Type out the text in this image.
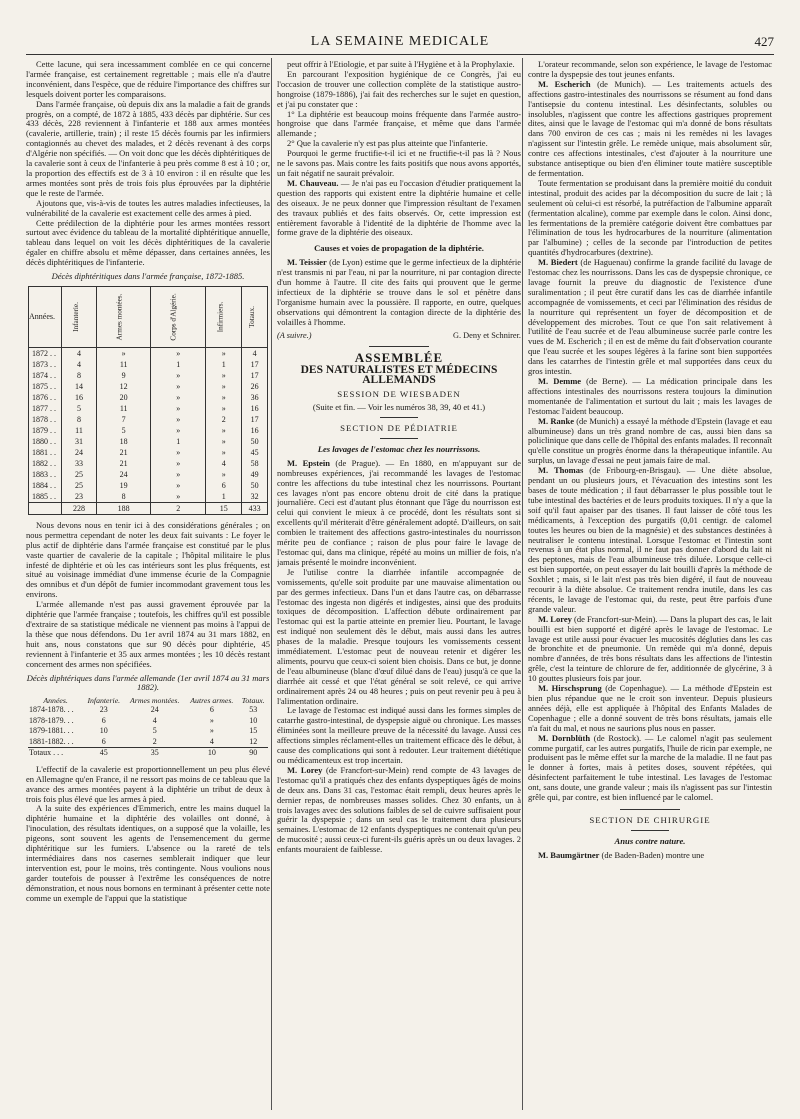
LA SEMAINE MEDICALE	427

Cette lacune, qui sera incessamment comblée en ce qui concerne l'armée française, est certainement regrettable ; mais elle n'a d'autre inconvénient, dans l'espèce, que de réduire l'importance des chiffres sur lesquels doivent porter les comparaisons.

Dans l'armée française, où depuis dix ans la maladie a fait de grands progrès, on a compté, de 1872 à 1885, 433 décès par diphtérie. Sur ces 433 décès, 228 reviennent à l'infanterie et 188 aux armes montées (cavalerie, artillerie, train) ; il reste 15 décès fournis par les infirmiers contagionnés au chevet des malades, et 2 décès revenant à des corps d'Algérie non spécifiés. — On voit donc que les décès diphtéritiques de la cavalerie sont à ceux de l'infanterie à peu près comme 8 est à 10 ; or, la proportion des effectifs est de 3 à 10 environ : il en résulte que les armes montées sont près de trois fois plus éprouvées par la diphtérie que le reste de l'armée.

Ajoutons que, vis-à-vis de toutes les autres maladies infectieuses, la vulnérabilité de la cavalerie est exactement celle des armes à pied.

Cette prédilection de la diphtérie pour les armes montées ressort surtout avec évidence du tableau de la mortalité diphtéritique annuelle, tableau dans lequel on voit les décès diphtéritiques de la cavalerie égaler en chiffre absolu et même dépasser, dans certaines années, les décès diphtéritiques de l'infanterie.

Décès diphtéritiques dans l'armée française, 1872-1885.
Années.	Infanterie.	Armes montées.	Corps d'Algérie.	Infirmiers.	Totaux.
1872 . .	4	»	»	»	4
1873 . .	4	11	1	1	17
1874 . .	8	9	»	»	17
1875 . .	14	12	»	»	26
1876 . .	16	20	»	»	36
1877 . .	5	11	»	»	16
1878 . .	8	7	»	2	17
1879 . .	11	5	»	»	16
1880 . .	31	18	1	»	50
1881 . .	24	21	»	»	45
1882 . .	33	21	»	4	58
1883 . .	25	24	»	»	49
1884 . .	25	19	»	6	50
1885 . .	23	8	»	1	32
	228	188	2	15	433

Nous devons nous en tenir ici à des considérations générales ; on nous permettra cependant de noter les deux fait suivants : Le foyer le plus actif de diphtérie dans l'armée française est constitué par le plus vaste quartier de cavalerie de la capitale ; l'hôpital militaire le plus infesté de diphtérie et où les cas intérieurs sont les plus fréquents, est situé au voisinage immédiat d'une immense écurie de la Compagnie des omnibus et d'un dépôt de fumier incommodant gravement tous les environs.

L'armée allemande n'est pas aussi gravement éprouvée par la diphtérie que l'armée française ; toutefois, les chiffres qu'il est possible d'extraire de sa statistique médicale ne viennent pas moins à l'appui de la thèse que nous défendons. Du 1er avril 1874 au 31 mars 1882, en huit ans, nous constatons que sur 90 décès pour diphtérie, 45 reviennent à l'infanterie et 35 aux armes montées ; les 10 décès restant concernent des armes non spécifiées.

Décès diphtériques dans l'armée allemande (1er avril 1874 au 31 mars 1882).
Années.	Infanterie.	Armes montées.	Autres armes.	Totaux.
1874-1878. . .	23	24	6	53
1878-1879. . .	6	4	»	10
1879-1881. . .	10	5	»	15
1881-1882. . .	6	2	4	12
Totaux . . .	45	35	10	90

L'effectif de la cavalerie est proportionnellement un peu plus élevé en Allemagne qu'en France, il ne ressort pas moins de ce tableau que la avance des armes montées payent à la diphtérie un tribut de deux à trois fois plus élevé que les armes à pied.

A la suite des expériences d'Emmerich, entre les mains duquel la diphtérie humaine et la diphtérie des volailles ont donné, à l'inoculation, des résultats identiques, on a supposé que la volaille, les pigeons, sont souvent les agents de l'ensemencement du germe diphtéritique sur les fumiers. L'absence ou la rareté de tels intermédiaires dans nos casernes semblerait indiquer que leur intervention est, pour le moins, très contingente. Nous voulions nous garder toutefois de pousser à l'extrême les conséquences de notre démonstration, et nous nous bornons en terminant à présenter cette note comme un exemple de l'appui que la statistique

peut offrir à l'Etiologie, et par suite à l'Hygiène et à la Prophylaxie.

En parcourant l'exposition hygiénique de ce Congrès, j'ai eu l'occasion de trouver une collection complète de la statistique austro-hongroise (1879-1886), j'ai fait des recherches sur le sujet en question, et j'ai pu constater que :

1° La diphtérie est beaucoup moins fréquente dans l'armée austro-hongroise que dans l'armée française, et même que dans l'armée allemande ;

2° Que la cavalerie n'y est pas plus atteinte que l'infanterie.

Pourquoi le germe fructifie-t-il ici et ne fructifie-t-il pas là ? Nous ne le savons pas. Mais contre les faits positifs que nous avons apportés, un fait négatif ne saurait prévaloir.

M. Chauveau. — Je n'ai pas eu l'occasion d'étudier pratiquement la question des rapports qui existent entre la diphtérie humaine et celle des oiseaux. Je ne peux donner que l'impression résultant de l'examen des travaux publiés et des faits observés. Or, cette impression est entièrement favorable à l'identité de la diphtérie de l'homme avec la forme grave de la diphtérie des oiseaux.

Causes et voies de propagation de la diphtérie.

M. Teissier (de Lyon) estime que le germe infectieux de la diphtérie n'est transmis ni par l'eau, ni par la nourriture, ni par contagion directe d'un homme à l'autre. Il cite des faits qui prouvent que le germe infectieux de la diphtérie se trouve dans le sol et pénètre dans l'organisme humain avec la poussière. Il rapporte, en outre, quelques observations qui démontrent la contagion directe de la diphtérie des volailles à l'homme.

(A suivre.)	G. Deny et Schnirer.
ASSEMBLÉE
DES NATURALISTES ET MÉDECINS ALLEMANDS
SESSION DE WIESBADEN
(Suite et fin. — Voir les numéros 38, 39, 40 et 41.)
SECTION DE PÉDIATRIE
Les lavages de l'estomac chez les nourrissons.

M. Epstein (de Prague). — En 1880, en m'appuyant sur de nombreuses expériences, j'ai recommandé les lavages de l'estomac contre les affections du tube intestinal chez les nourrissons. Pourtant ces lavages n'ont pas encore obtenu droit de cité dans la pratique journalière. Ceci est d'autant plus étonnant que l'âge du nourrisson est celui qui convient le mieux à ce procédé, dont les résultats sont si excellents qu'il mériterait d'être généralement adopté. D'ailleurs, on sait combien le traitement des affections gastro-intestinales du nourrisson mérite peu de confiance ; raison de plus pour faire le lavage de l'estomac qui, dans ma clinique, répété au moins un millier de fois, n'a jamais présenté le moindre inconvénient.

Je l'utilise contre la diarrhée infantile accompagnée de vomissements, qu'elle soit produite par une mauvaise alimentation ou par des germes infectieux. Dans l'un et dans l'autre cas, on débarrasse l'estomac des ingesta non digérés et indigestes, ainsi que des produits toxiques de décomposition. L'affection débute ordinairement par l'estomac qui est la partie atteinte en premier lieu. Pourtant, le lavage est indiqué non seulement dès le début, mais aussi dans les autres phases de la maladie. Presque toujours les vomissements cessent immédiatement. L'estomac peut de nouveau retenir et digérer les aliments, pourvu que ceux-ci soient bien choisis. Dans ce but, je donne de l'eau albumineuse (blanc d'œuf dilué dans de l'eau) jusqu'à ce que la diarrhée ait cessé et que l'état général se soit relevé, ce qui arrive ordinairement après 24 ou 48 heures ; puis on peut revenir peu à peu à l'alimentation ordinaire.

Le lavage de l'estomac est indiqué aussi dans les formes simples de catarrhe gastro-intestinal, de dyspepsie aiguë ou chronique. Les masses éliminées sont la meilleure preuve de la nécessité du lavage. Aussi ces affections simples réclament-elles un traitement efficace dès le début, à cause des complications qui sont à redouter. Leur traitement diététique ou médicamenteux est trop incertain.

M. Lorey (de Francfort-sur-Mein) rend compte de 43 lavages de l'estomac qu'il a pratiqués chez des enfants dyspeptiques âgés de moins de deux ans. Dans 31 cas, l'estomac était rempli, deux heures après le dernier repas, de nombreuses masses solides. Chez 30 enfants, un à trois lavages avec des solutions faibles de sel de cuivre suffisaient pour guérir la dyspepsie ; dans un seul cas le traitement dura plusieurs semaines. L'estomac de 12 enfants dyspeptiques ne contenait qu'un peu de mucosité ; aussi ceux-ci furent-ils guéris après un ou deux lavages. 2 enfants mouraient de faiblesse.

L'orateur recommande, selon son expérience, le lavage de l'estomac contre la dyspepsie des tout jeunes enfants.

M. Escherich (de Munich). — Les traitements actuels des affections gastro-intestinales des nourrissons se résument au fond dans l'antisepsie du contenu intestinal. Les désinfectants, solubles ou insolubles, n'agissent que contre les affections gastriques proprement dites, ainsi que le lavage de l'estomac qui m'a donné de bons résultats dans 700 environ de ces cas ; mais ni les remèdes ni les lavages n'agissent sur l'intestin grêle. Le remède unique, mais absolument sûr, contre ces affections intestinales, c'est d'ajouter à la nourriture une substance antiseptique ou bien d'en éliminer toute matière susceptible de fermentation.

Toute fermentation se produisant dans la première moitié du conduit intestinal, produit des acides par la décomposition du sucre de lait ; là seulement où celui-ci est résorbé, la putréfaction de l'albumine apparaît (fermentation alcaline), comme par exemple dans le colon. Ainsi donc, les fermentations de la première catégorie doivent être combattues par l'élimination de tous les hydrocarbures de la nourriture (alimentation par l'albumine) ; celles de la seconde par l'introduction de petites quantités d'hydrocarbures (dextrine).

M. Biedert (de Haguenau) confirme la grande facilité du lavage de l'estomac chez les nourrissons. Dans les cas de dyspepsie chronique, ce lavage fournit la preuve du diagnostic de l'existence d'une suralimentation ; il peut être curatif dans les cas de diarrhée infantile accompagnée de vomissements, et ceci par l'élimination des résidus de la nourriture qui représentent un foyer de décomposition et de développement des microbes. Tout ce que l'on sait relativement à l'utilité de l'eau sucrée et de l'eau albumineuse sucrée parle contre les vues de M. Escherich ; il en est de même du fait d'observation courante que l'eau sucrée et les soupes légères à la farine sont bien supportées dans les catarrhes de l'intestin grêle et mal supportées dans ceux du gros intestin.

M. Demme (de Berne). — La médication principale dans les affections intestinales des nourrissons restera toujours la diminution momentanée de l'alimentation et surtout du lait ; mais les lavages de l'estomac l'aident beaucoup.

M. Ranke (de Munich) a essayé la méthode d'Epstein (lavage et eau albumineuse) dans un très grand nombre de cas, aussi bien dans sa policlinique que dans celle de l'hôpital des enfants malades. Il reconnaît qu'elle constitue un progrès énorme dans la thérapeutique infantile. Au surplus, un lavage d'essai ne peut jamais faire de mal.

M. Thomas (de Fribourg-en-Brisgau). — Une diète absolue, pendant un ou plusieurs jours, et l'évacuation des intestins sont les bases de toute médication ; il faut débarrasser le plus possible tout le tube intestinal des bactéries et de leurs produits toxiques. Il n'y a que la soif qu'il faut apaiser par des tisanes. Il faut laisser de côté tous les médicaments, à l'exception des purgatifs (0,01 centigr. de calomel toutes les heures ou bien de la magnésie) et des substances destinées à neutraliser le contenu intestinal. Lorsque l'estomac et l'intestin sont revenus à un état plus normal, il ne faut pas donner d'abord du lait ni des peptones, mais de l'eau albumineuse très diluée. Lorsque celle-ci est bien supportée, on peut essayer du lait bouilli d'après la méthode de Soxhlet ; mais, si le lait n'est pas très bien digéré, il faut de nouveau recourir à la diète absolue. Ce traitement rendra inutile, dans les cas récents, le lavage de l'estomac qui, du reste, peut être parfois d'une grande valeur.

M. Lorey (de Francfort-sur-Mein). — Dans la plupart des cas, le lait bouilli est bien supporté et digéré après le lavage de l'estomac. Le lavage est utile aussi pour évacuer les mucosités dégluties dans les cas de bronchite et de pneumonie. Un remède qui m'a donné, depuis nombre d'années, de très bons résultats dans les affections de l'intestin grêle, c'est la teinture de chlorure de fer, additionnée de glycérine, 3 à 10 gouttes plusieurs fois par jour.

M. Hirschsprung (de Copenhague). — La méthode d'Epstein est bien plus répandue que ne le croit son inventeur. Depuis plusieurs années déjà, elle est appliquée à l'hôpital des Enfants Malades de Copenhague ; elle a donné souvent de très bons résultats, jamais elle n'a fait du mal, et nous ne saurions plus nous en passer.

M. Dornblüth (de Rostock). — Le calomel n'agit pas seulement comme purgatif, car les autres purgatifs, l'huile de ricin par exemple, ne produisent pas le même effet sur la marche de la maladie. Il ne faut pas le donner à fortes, mais à petites doses, souvent répétées, qui désinfectent parfaitement le tube intestinal. Les lavages de l'estomac ont, sans doute, une grande valeur ; mais ils n'agissent pas sur l'intestin grêle qui, par contre, est bien influencé par le calomel.

SECTION DE CHIRURGIE
Anus contre nature.

M. Baumgärtner (de Baden-Baden) montre une
